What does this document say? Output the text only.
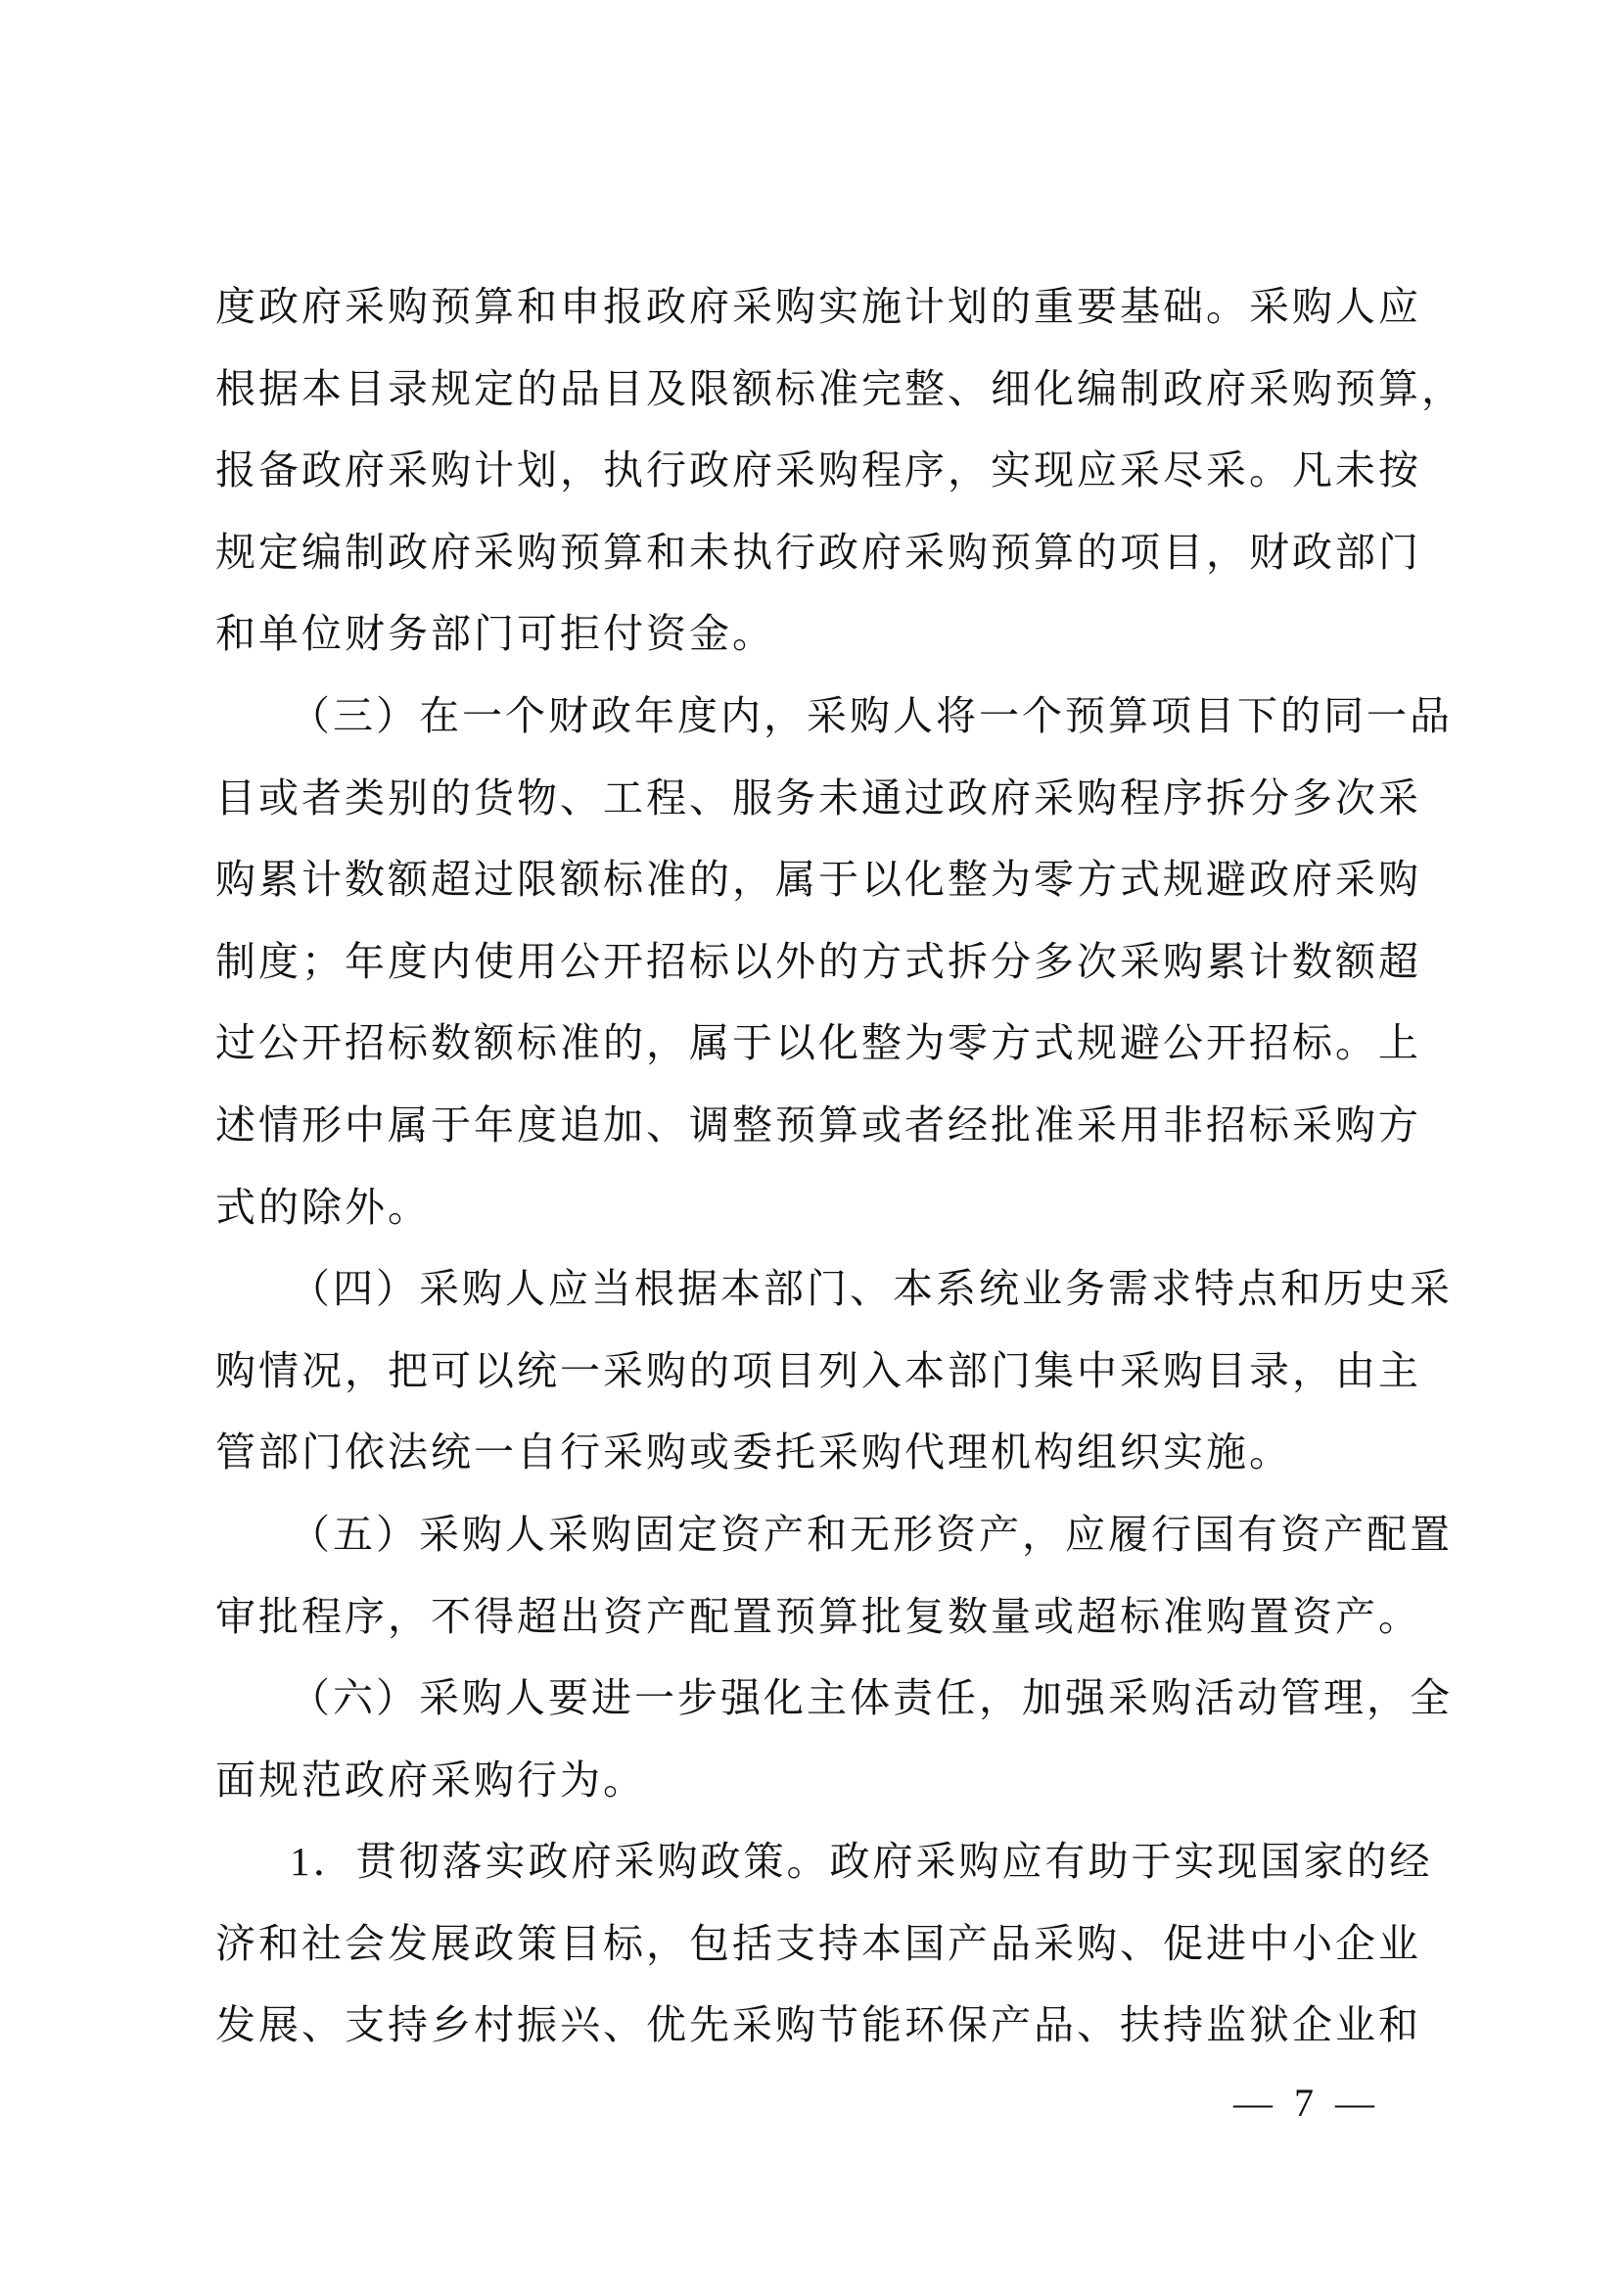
度政府采购预算和申报政府采购实施计划的重要基础。采购人应
根据本目录规定的品目及限额标准完整、细化编制政府采购预算，
报备政府采购计划，执行政府采购程序，实现应采尽采。凡未按
规定编制政府采购预算和未执行政府采购预算的项目，财政部门
和单位财务部门可拒付资金。
（三）在一个财政年度内，采购人将一个预算项目下的同一品
目或者类别的货物、工程、服务未通过政府采购程序拆分多次采
购累计数额超过限额标准的，属于以化整为零方式规避政府采购
制度；年度内使用公开招标以外的方式拆分多次采购累计数额超
过公开招标数额标准的，属于以化整为零方式规避公开招标。上
述情形中属于年度追加、调整预算或者经批准采用非招标采购方
式的除外。
（四）采购人应当根据本部门、本系统业务需求特点和历史采
购情况，把可以统一采购的项目列入本部门集中采购目录，由主
管部门依法统一自行采购或委托采购代理机构组织实施。
（五）采购人采购固定资产和无形资产，应履行国有资产配置
审批程序，不得超出资产配置预算批复数量或超标准购置资产。
（六）采购人要进一步强化主体责任，加强采购活动管理，全
面规范政府采购行为。
1．贯彻落实政府采购政策。政府采购应有助于实现国家的经
济和社会发展政策目标，包括支持本国产品采购、促进中小企业
发展、支持乡村振兴、优先采购节能环保产品、扶持监狱企业和
— 7 —
